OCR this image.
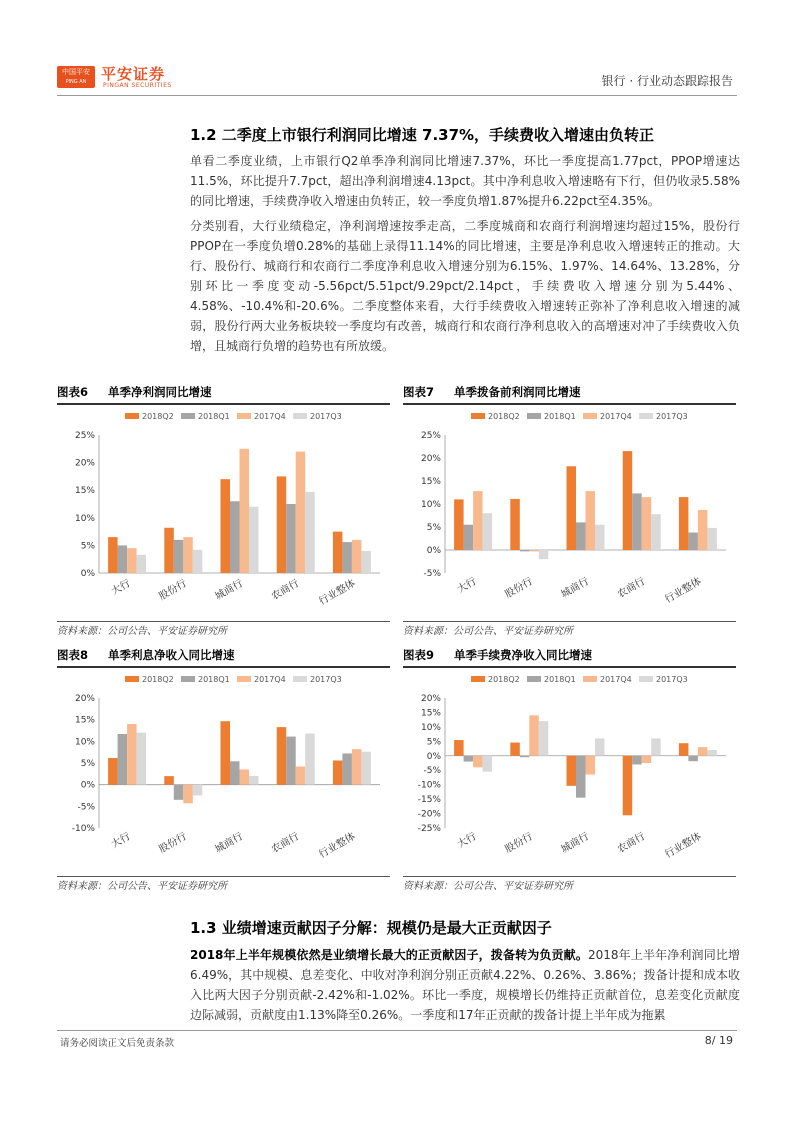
中国平安
PING AN 平安证券
PINGAN SECURITIES	银行 · 行业动态跟踪报告
1.2 二季度上市银行利润同比增速 7.37%，手续费收入增速由负转正

单看二季度业绩，上市银行Q2单季净利润同比增速7.37%，环比一季度提高1.77pct，PPOP增速达11.5%，环比提升7.7pct，超出净利润增速4.13pct。其中净利息收入增速略有下行，但仍收录5.58%的同比增速，手续费净收入增速由负转正，较一季度负增1.87%提升6.22pct至4.35%。

分类别看，大行业绩稳定，净利润增速按季走高，二季度城商和农商行利润增速均超过15%，股份行PPOP在一季度负增0.28%的基础上录得11.14%的同比增速，主要是净利息收入增速转正的推动。大行、股份行、城商行和农商行二季度净利息收入增速分别为6.15%、1.97%、14.64%、13.28%，分别环比一季度变动-5.56pct/5.51pct/9.29pct/2.14pct，手续费收入增速分别为5.44%、4.58%、-10.4%和-20.6%。二季度整体来看，大行手续费收入增速转正弥补了净利息收入增速的减弱，股份行两大业务板块较一季度均有改善，城商行和农商行净利息收入的高增速对冲了手续费收入负增，且城商行负增的趋势也有所放缓。

图表6 单季净利润同比增速
2018Q2	2018Q1	2017Q4	2017Q3
25%
20%
15%
10%
5%
0%
大行 股份行 城商行 农商行 行业整体
资料来源：公司公告、平安证券研究所
图表7 单季拨备前利润同比增速
2018Q2	2018Q1	2017Q4	2017Q3
25%
20%
15%
10%
5%
0%
-5%
大行 股份行 城商行 农商行 行业整体
资料来源：公司公告、平安证券研究所
图表8 单季利息净收入同比增速
2018Q2	2018Q1	2017Q4	2017Q3
20%
15%
10%
5%
0%
-5%
-10%
大行 股份行 城商行 农商行 行业整体
资料来源：公司公告、平安证券研究所
图表9 单季手续费净收入同比增速
2018Q2	2018Q1	2017Q4	2017Q3
20%
15%
10%
5%
0%
-5%
-10%
-15%
-20%
-25%
大行 股份行 城商行 农商行 行业整体
资料来源：公司公告、平安证券研究所
1.3 业绩增速贡献因子分解：规模仍是最大正贡献因子

2018年上半年规模依然是业绩增长最大的正贡献因子，拨备转为负贡献。2018年上半年净利润同比增6.49%，其中规模、息差变化、中收对净利润分别正贡献4.22%、0.26%、3.86%；拨备计提和成本收入比两大因子分别贡献-2.42%和-1.02%。环比一季度，规模增长仍维持正贡献首位，息差变化贡献度边际减弱，贡献度由1.13%降至0.26%。一季度和17年正贡献的拨备计提上半年成为拖累

请务必阅读正文后免责条款	8/ 19
